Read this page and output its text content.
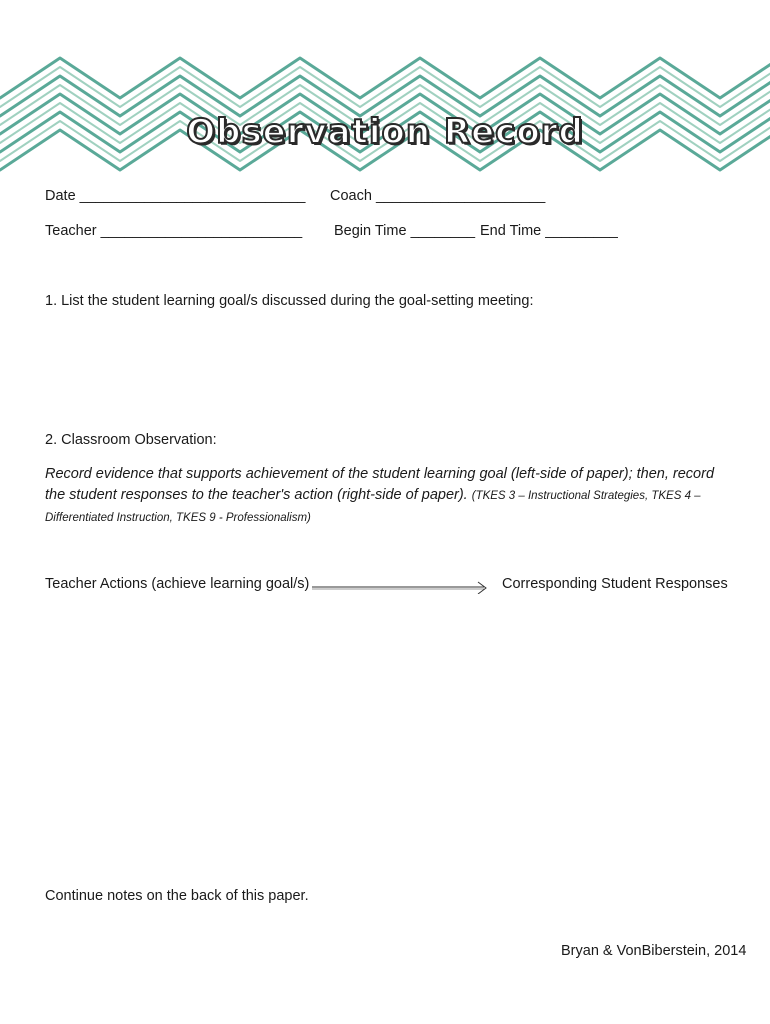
Observation Record
Date ____________________________ Coach _____________________
Teacher _________________________ Begin Time ________ End Time _________
1. List the student learning goal/s discussed during the goal-setting meeting:
2. Classroom Observation:
Record evidence that supports achievement of the student learning goal (left-side of paper); then, record the student responses to the teacher's action (right-side of paper). (TKES 3 – Instructional Strategies, TKES 4 – Differentiated Instruction, TKES 9 - Professionalism)
Teacher Actions (achieve learning goal/s)	Corresponding Student Responses
Continue notes on the back of this paper.
Bryan & VonBiberstein, 2014
